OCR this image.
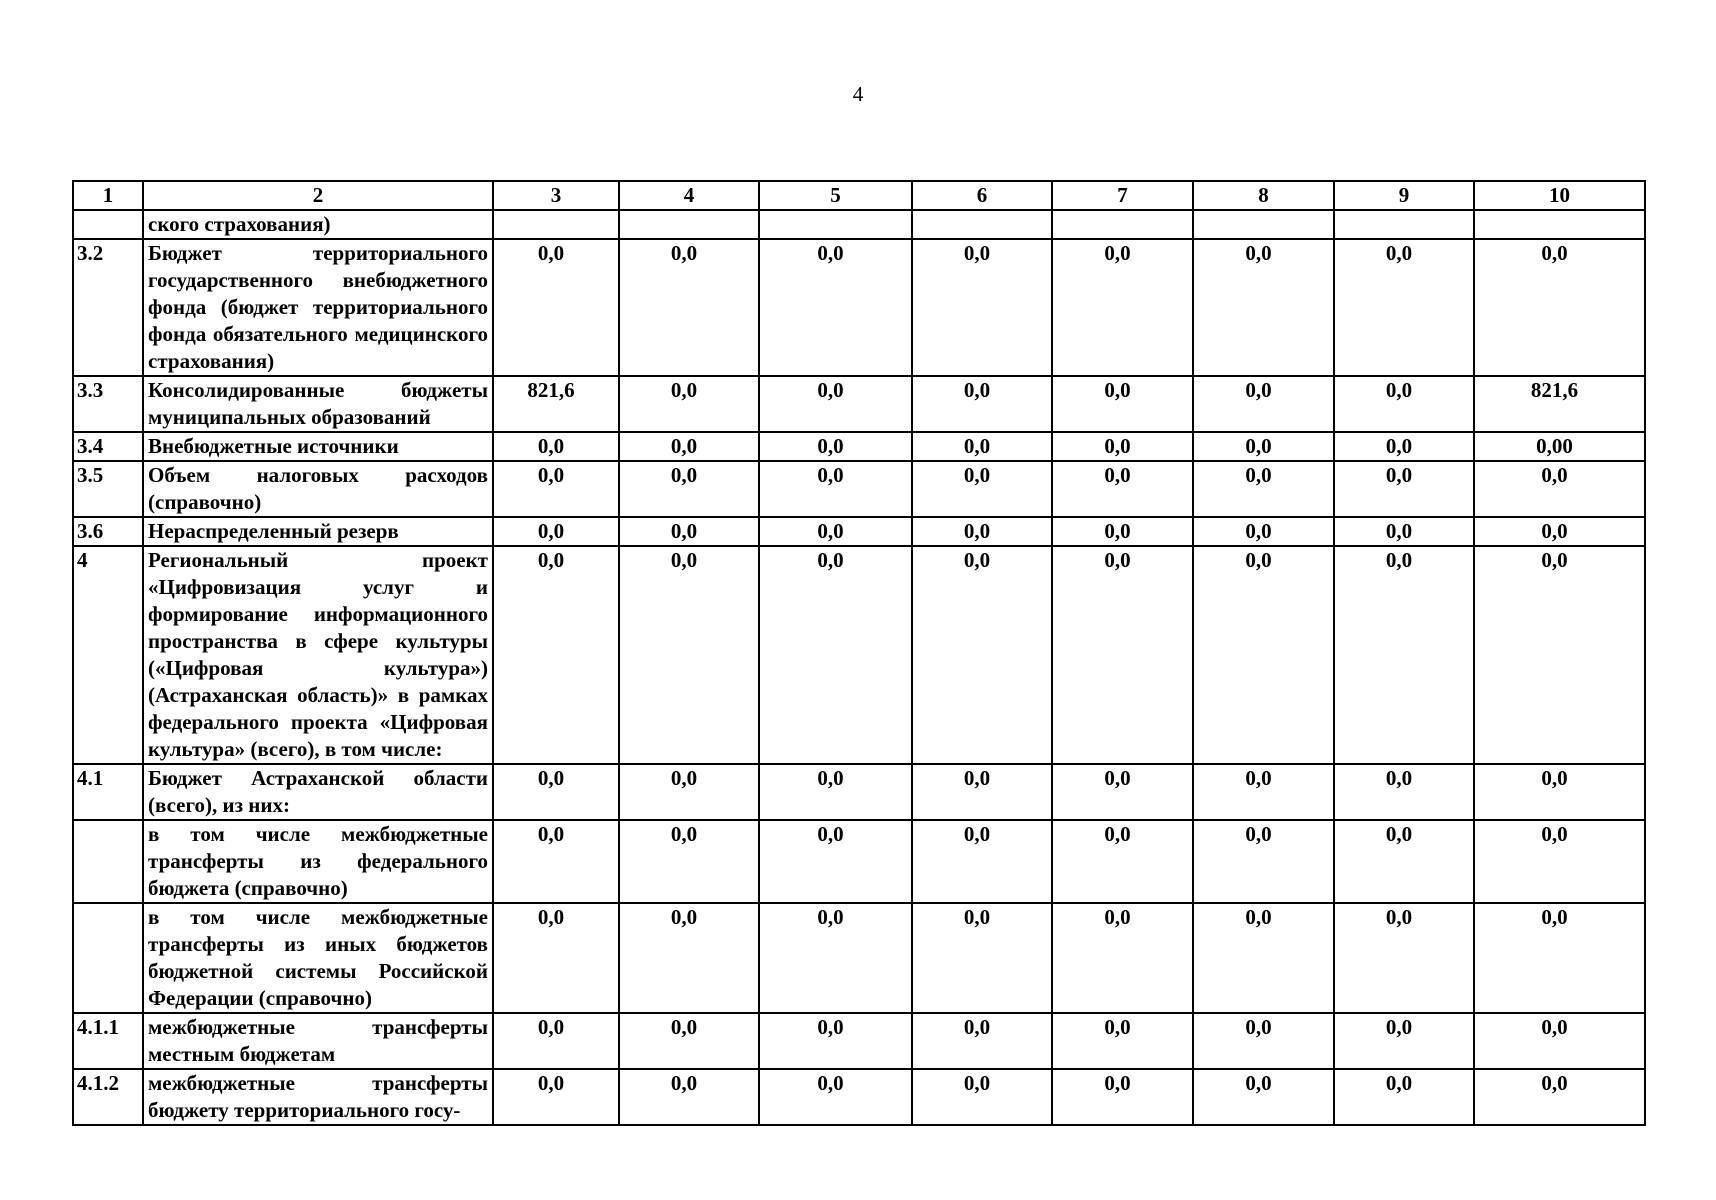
4
1	2	3	4	5	6	7	8	9	10
	ского страхования)								
3.2	Бюджет территориального государственного внебюджетного фонда (бюджет территориального фонда обязательного медицинского страхования)	0,0	0,0	0,0	0,0	0,0	0,0	0,0	0,0
3.3	Консолидированные бюджеты муниципальных образований	821,6	0,0	0,0	0,0	0,0	0,0	0,0	821,6
3.4	Внебюджетные источники	0,0	0,0	0,0	0,0	0,0	0,0	0,0	0,00
3.5	Объем налоговых расходов (справочно)	0,0	0,0	0,0	0,0	0,0	0,0	0,0	0,0
3.6	Нераспределенный резерв	0,0	0,0	0,0	0,0	0,0	0,0	0,0	0,0
4	Региональный проект «Цифровизация услуг и формирование информационного пространства в сфере культуры («Цифровая культура») (Астраханская область)» в рамках федерального проекта «Цифровая культура» (всего), в том числе:	0,0	0,0	0,0	0,0	0,0	0,0	0,0	0,0
4.1	Бюджет Астраханской области (всего), из них:	0,0	0,0	0,0	0,0	0,0	0,0	0,0	0,0
	в том числе межбюджетные трансферты из федерального бюджета (справочно)	0,0	0,0	0,0	0,0	0,0	0,0	0,0	0,0
	в том числе межбюджетные трансферты из иных бюджетов бюджетной системы Российской Федерации (справочно)	0,0	0,0	0,0	0,0	0,0	0,0	0,0	0,0
4.1.1	межбюджетные трансферты местным бюджетам	0,0	0,0	0,0	0,0	0,0	0,0	0,0	0,0
4.1.2	межбюджетные трансферты бюджету территориального госу-	0,0	0,0	0,0	0,0	0,0	0,0	0,0	0,0
